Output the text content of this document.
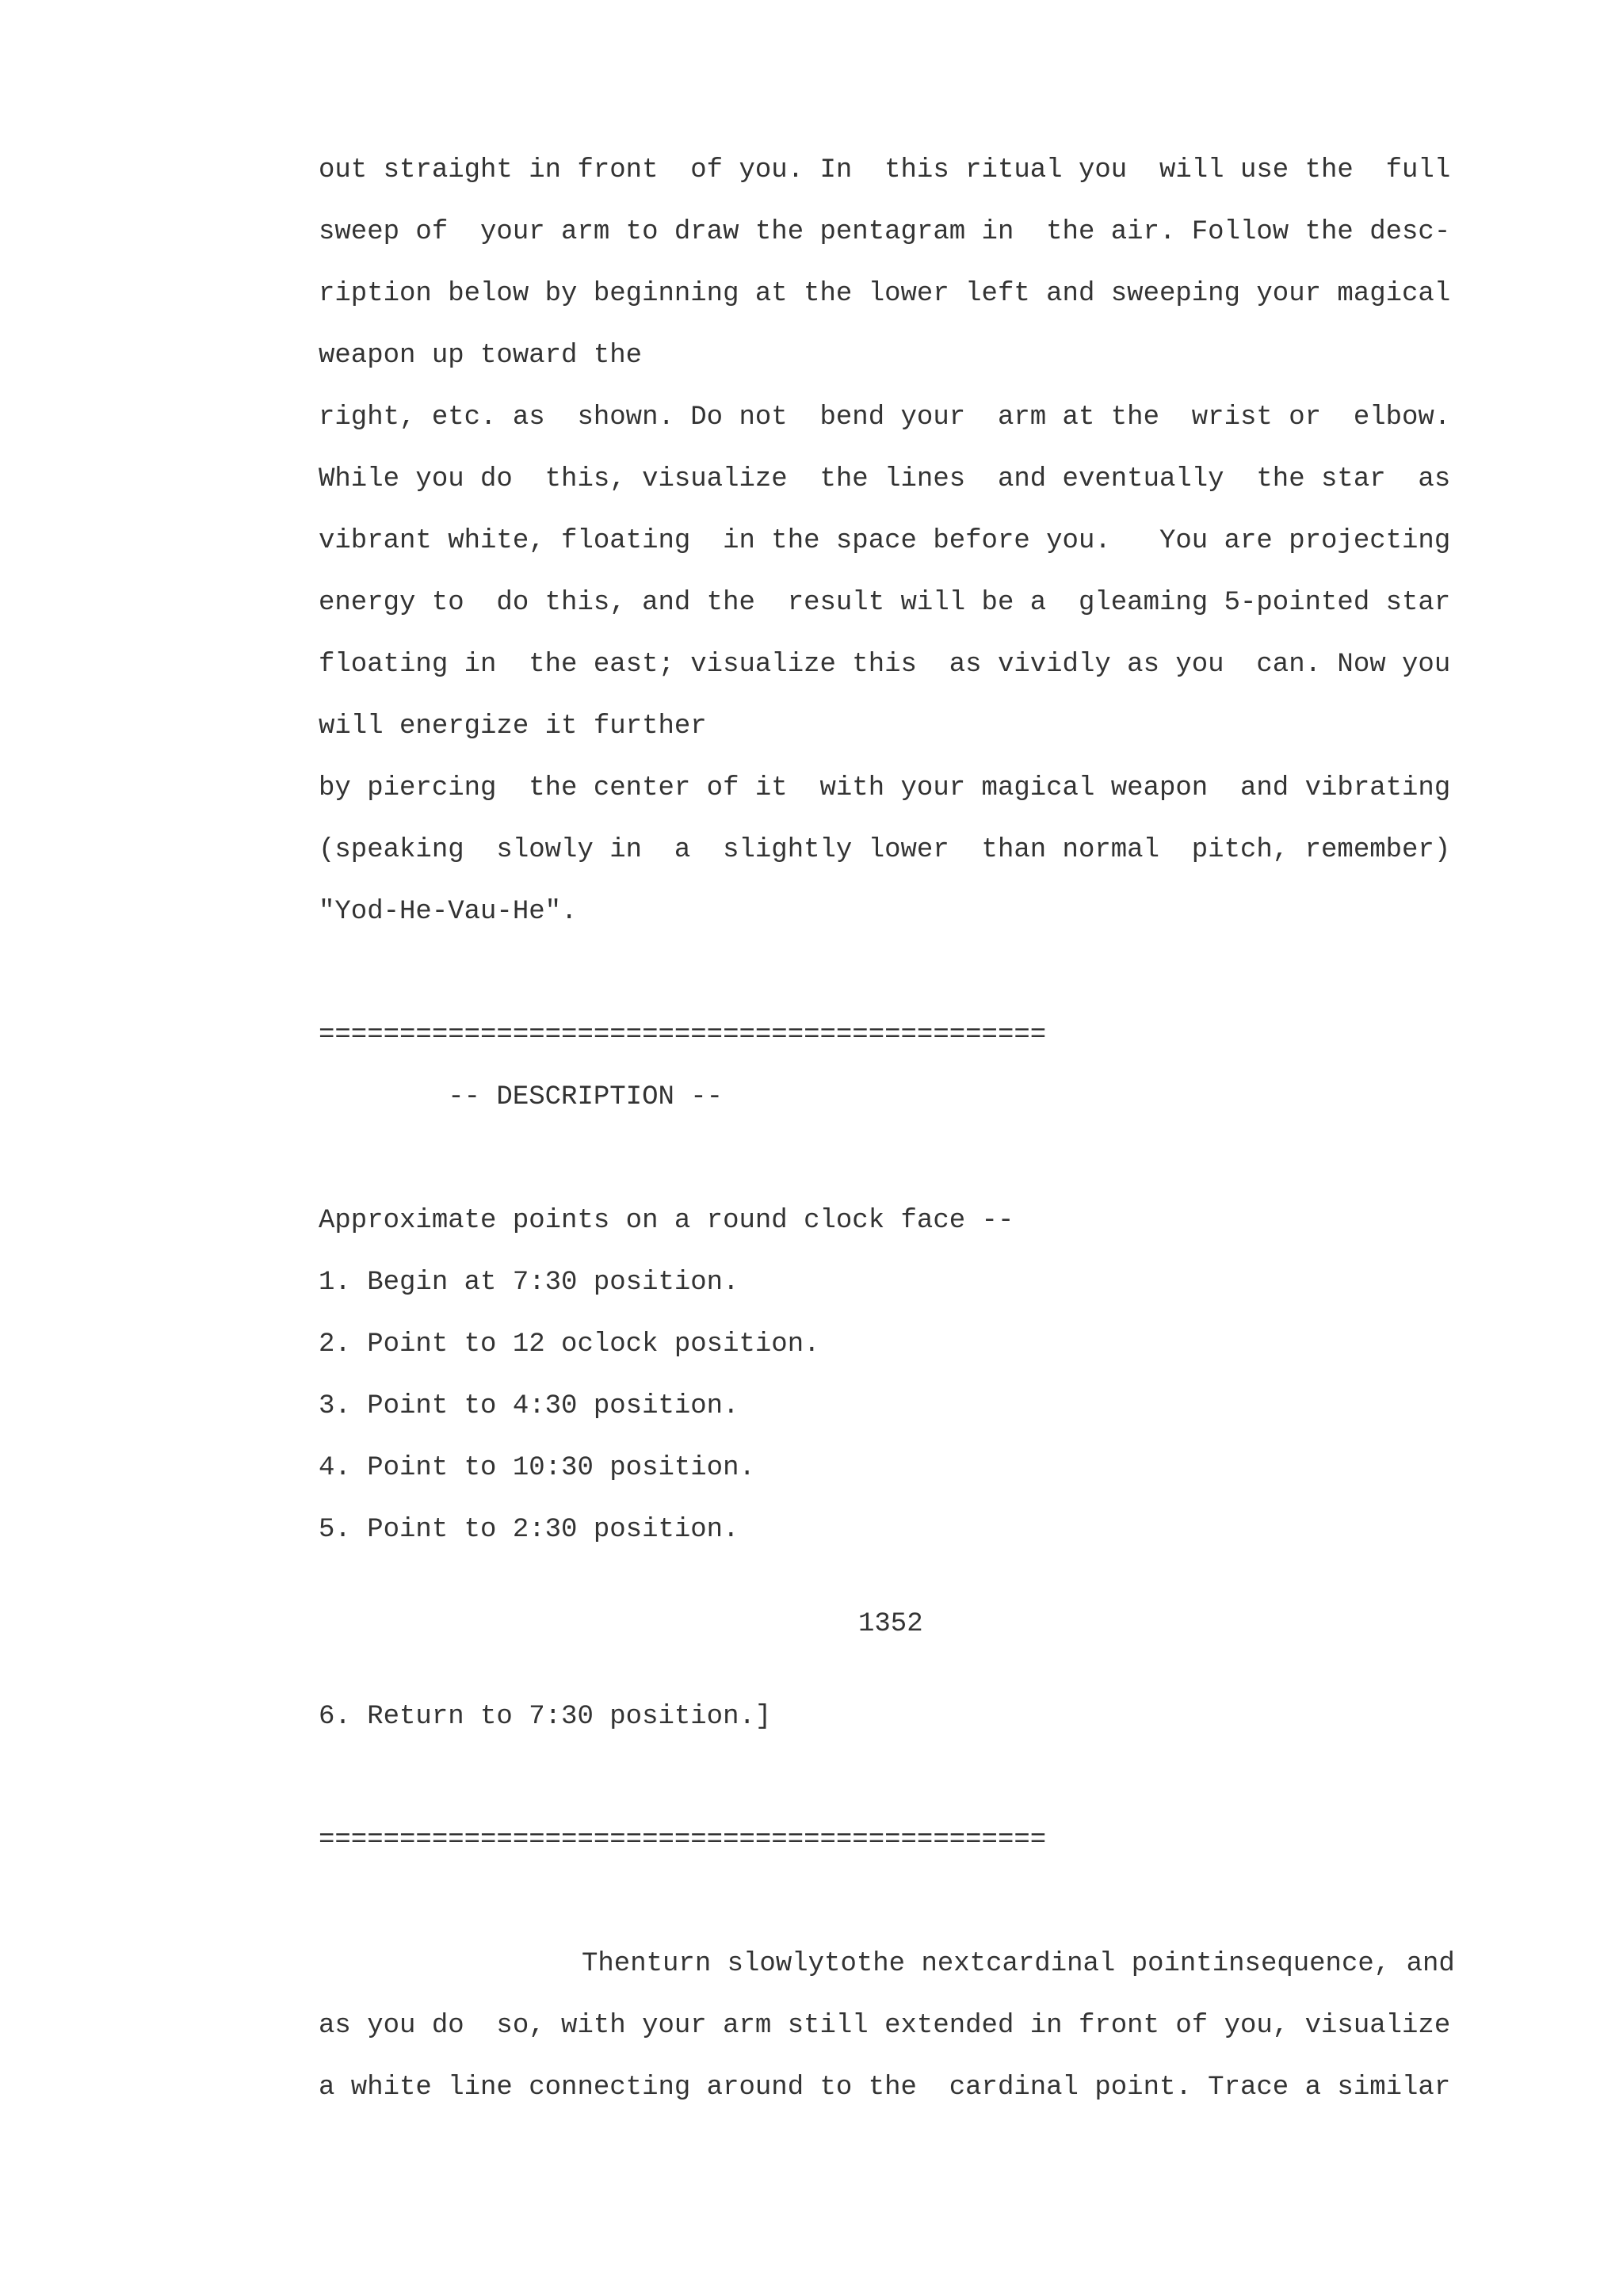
out straight in front  of you. In  this ritual you  will use the  full
sweep of  your arm to draw the pentagram in  the air. Follow the desc-
ription below by beginning at the lower left and sweeping your magical
weapon up toward the
right, etc. as  shown. Do not  bend your  arm at the  wrist or  elbow.
While you do  this, visualize  the lines  and eventually  the star  as
vibrant white, floating  in the space before you.   You are projecting
energy to  do this, and the  result will be a  gleaming 5-pointed star
floating in  the east; visualize this  as vividly as you  can. Now you
will energize it further
by piercing  the center of it  with your magical weapon  and vibrating
(speaking  slowly in  a  slightly lower  than normal  pitch, remember)
"Yod-He-Vau-He".
=============================================
-- DESCRIPTION --
Approximate points on a round clock face --
1. Begin at 7:30 position.
2. Point to 12 oclock position.
3. Point to 4:30 position.
4. Point to 10:30 position.
5. Point to 2:30 position.
1352
6. Return to 7:30 position.]
=============================================
Thenturn slowlytothe nextcardinal pointinsequence, and
as you do  so, with your arm still extended in front of you, visualize
a white line connecting around to the  cardinal point. Trace a similar
